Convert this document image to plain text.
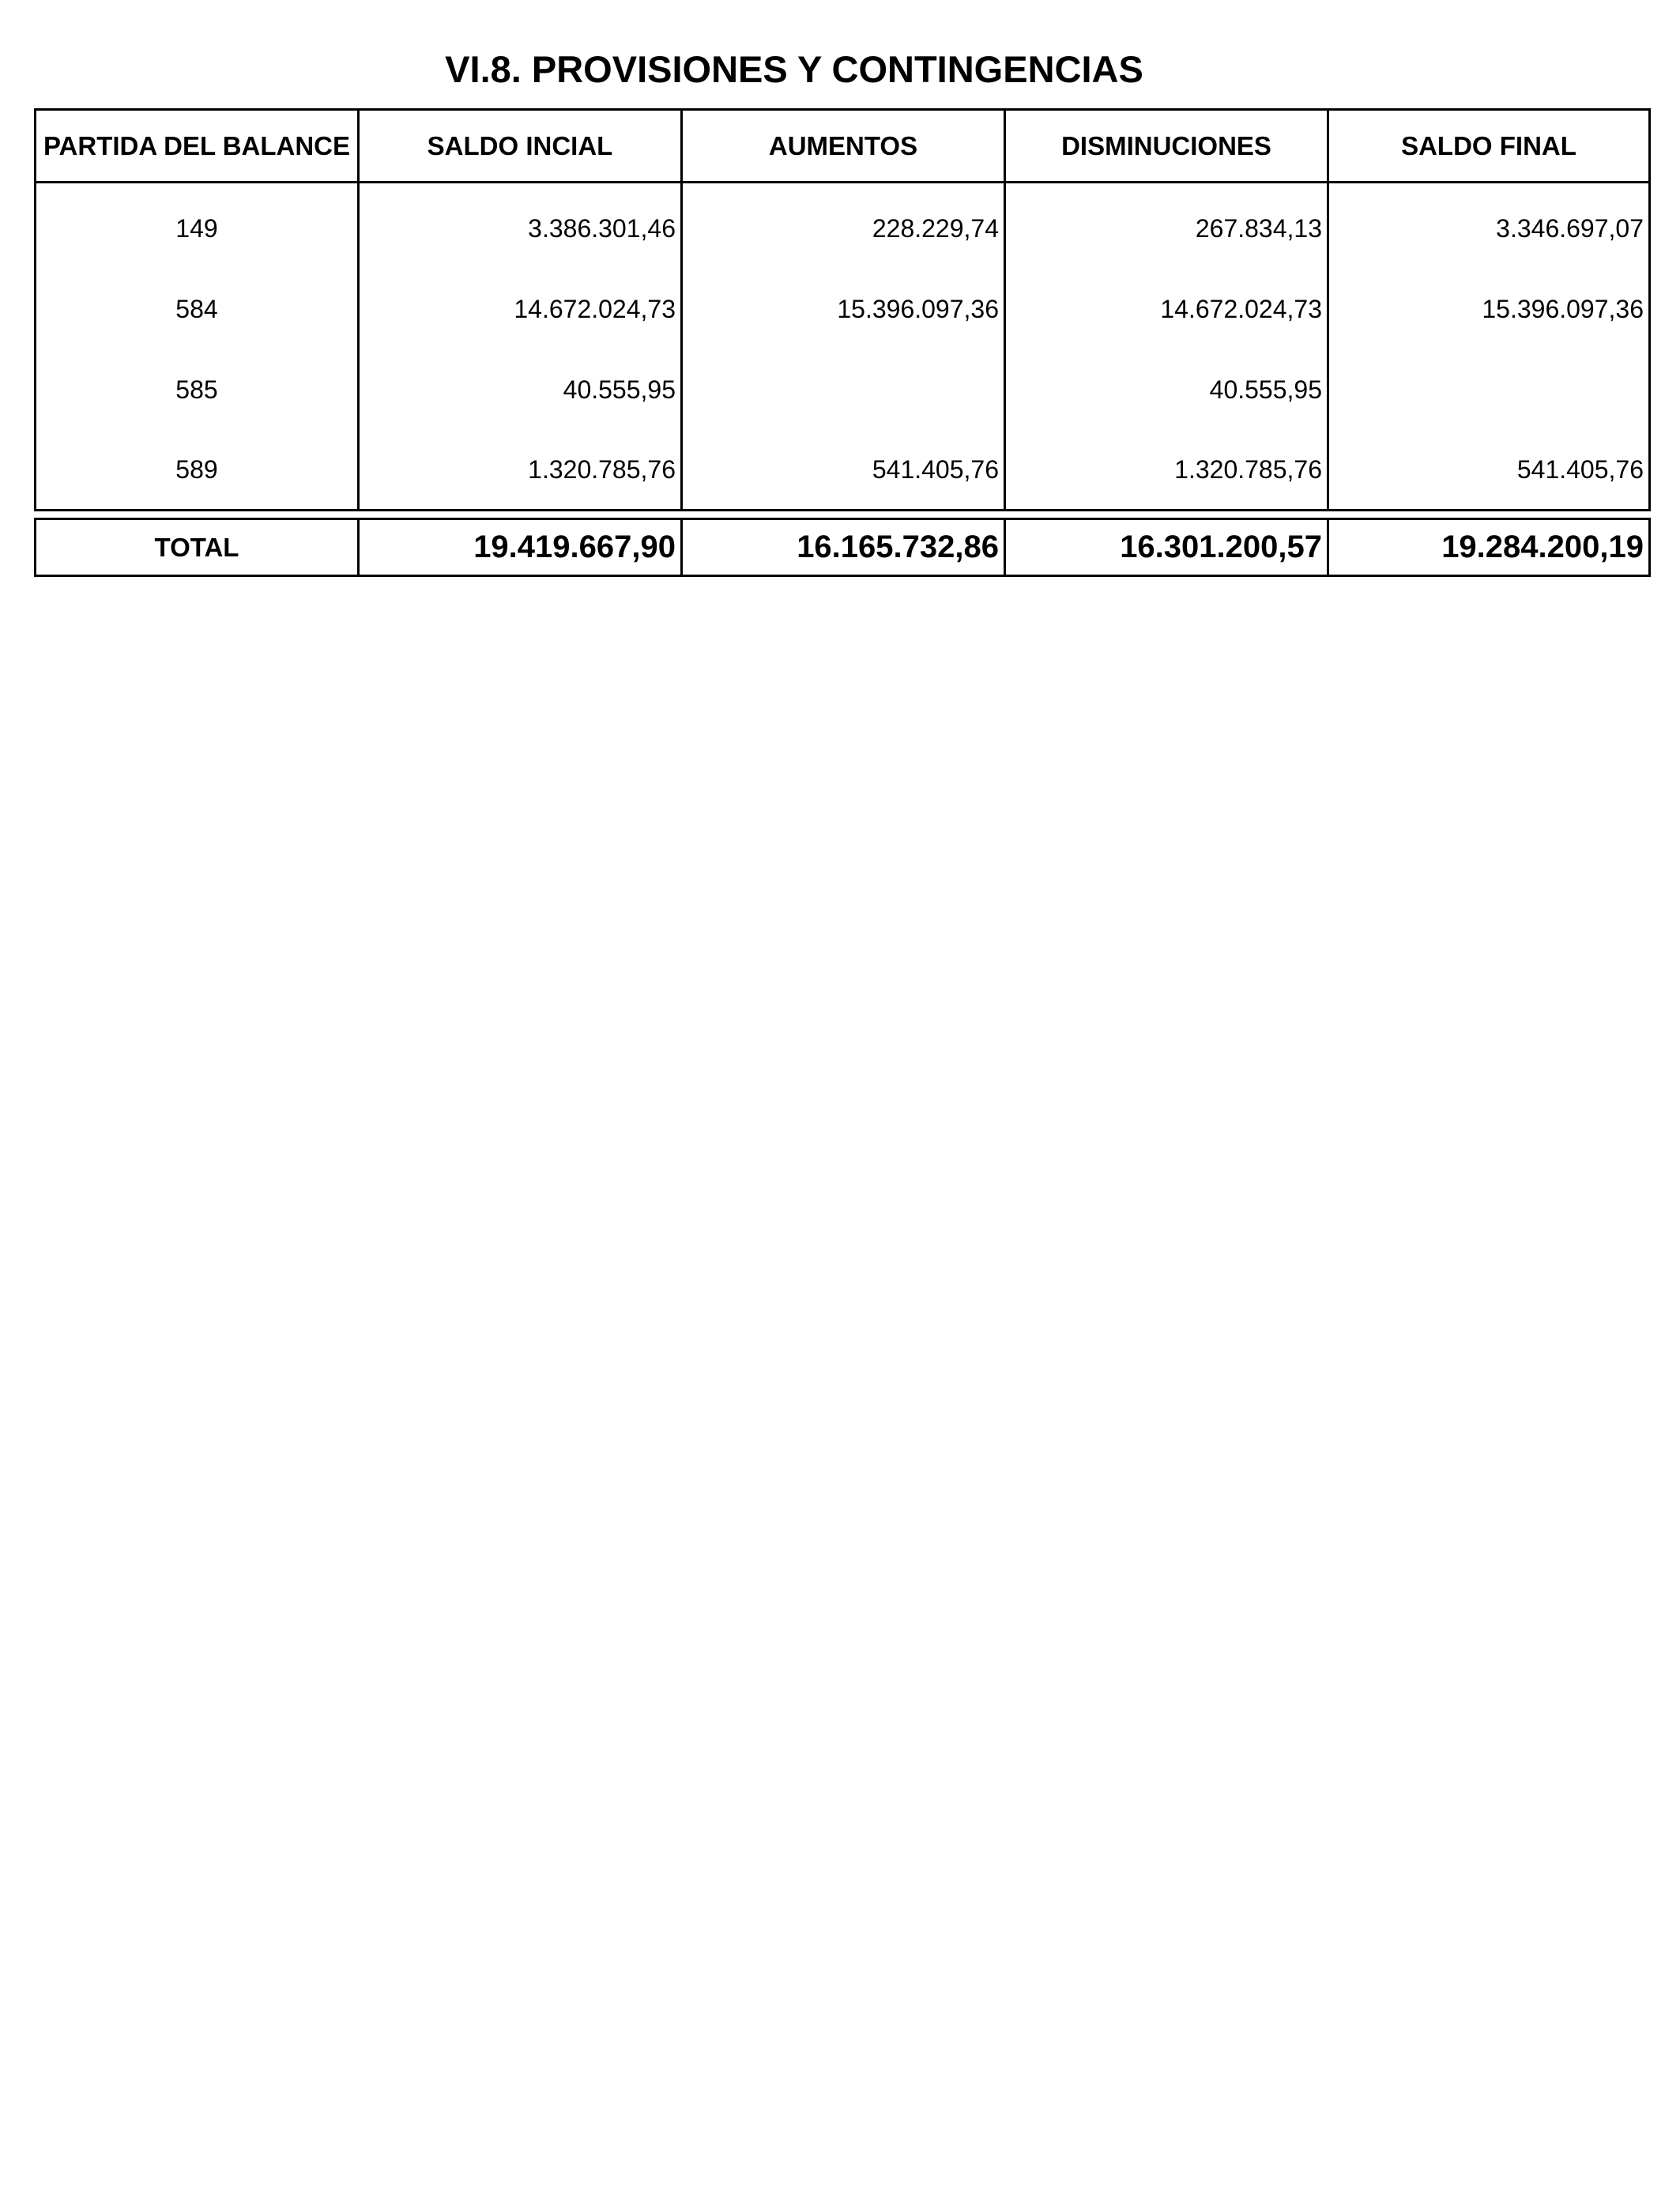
VI.8. PROVISIONES Y CONTINGENCIAS
PARTIDA DEL BALANCE	SALDO INCIAL	AUMENTOS	DISMINUCIONES	SALDO FINAL
149	3.386.301,46	228.229,74	267.834,13	3.346.697,07
584	14.672.024,73	15.396.097,36	14.672.024,73	15.396.097,36
585	40.555,95		40.555,95	
589	1.320.785,76	541.405,76	1.320.785,76	541.405,76
TOTAL	19.419.667,90	16.165.732,86	16.301.200,57	19.284.200,19
